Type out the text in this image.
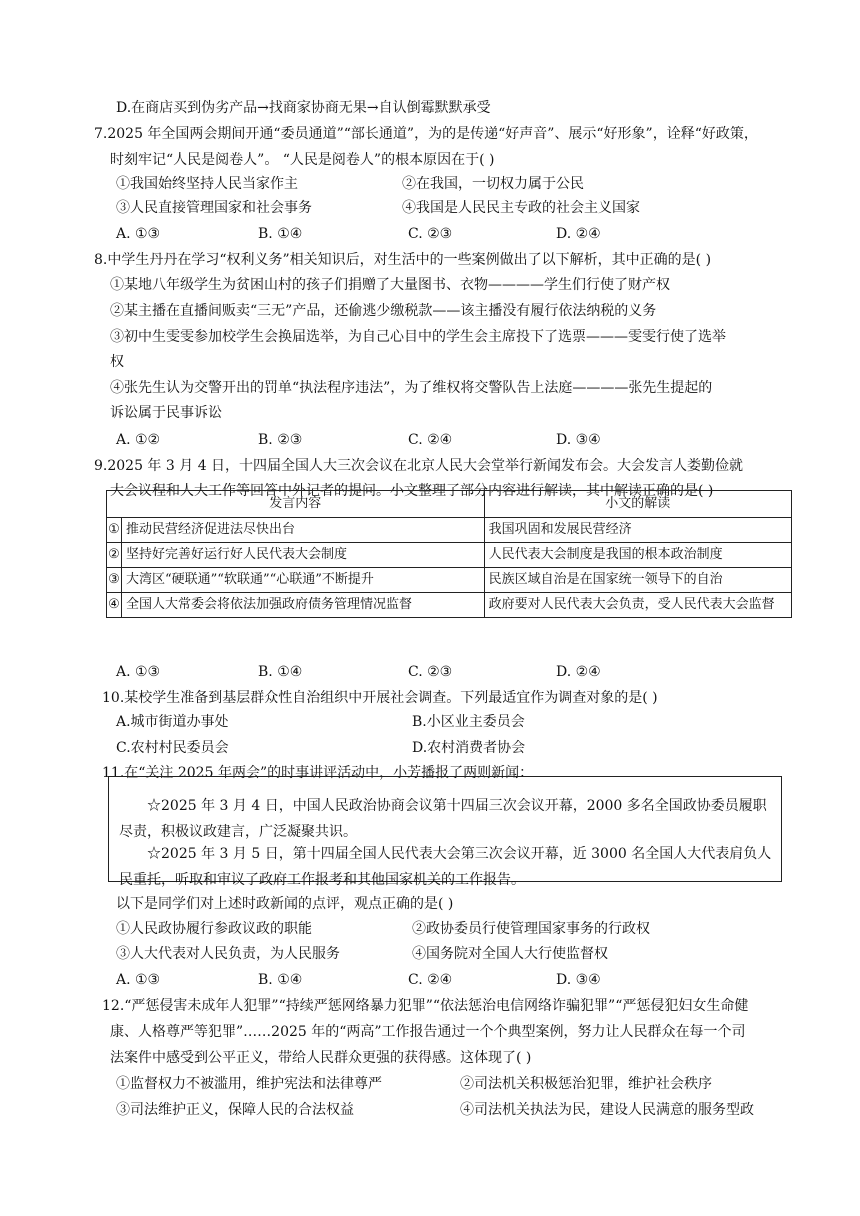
D.在商店买到伪劣产品→找商家协商无果→自认倒霉默默承受
7.2025 年全国两会期间开通“委员通道”“部长通道”，为的是传递“好声音”、展示“好形象”，诠释“好政策，
时刻牢记“人民是阅卷人”。 “人民是阅卷人”的根本原因在于( )
①我国始终坚持人民当家作主	②在我国，一切权力属于公民
③人民直接管理国家和社会事务	④我国是人民民主专政的社会主义国家
A. ①③	B. ①④	C. ②③	D. ②④
8.中学生丹丹在学习“权利义务”相关知识后，对生活中的一些案例做出了以下解析，其中正确的是( )
①某地八年级学生为贫困山村的孩子们捐赠了大量图书、衣物————学生们行使了财产权
②某主播在直播间贩卖“三无”产品，还偷逃少缴税款——该主播没有履行依法纳税的义务
③初中生雯雯参加校学生会换届选举，为自己心目中的学生会主席投下了选票———雯雯行使了选举
权
④张先生认为交警开出的罚单“执法程序违法”，为了维权将交警队告上法庭————张先生提起的
诉讼属于民事诉讼
A. ①②	B. ②③	C. ②④	D. ③④
9.2025 年 3 月 4 日，十四届全国人大三次会议在北京人民大会堂举行新闻发布会。大会发言人娄勤俭就
大会议程和人大工作等回答中外记者的提问。小文整理了部分内容进行解读，其中解读正确的是( )
发言内容		小文的解读
①	推动民营经济促进法尽快出台	我国巩固和发展民营经济
②	坚持好完善好运行好人民代表大会制度	人民代表大会制度是我国的根本政治制度
③	大湾区“硬联通”“软联通”“心联通”不断提升	民族区域自治是在国家统一领导下的自治
④	全国人大常委会将依法加强政府债务管理情况监督	政府要对人民代表大会负责，受人民代表大会监督
A. ①③	B. ①④	C. ②③	D. ②④
10.某校学生准备到基层群众性自治组织中开展社会调查。下列最适宜作为调查对象的是( )
A.城市街道办事处	B.小区业主委员会
C.农村村民委员会	D.农村消费者协会
11.在“关注 2025 年两会”的时事讲评活动中，小芳播报了两则新闻：

☆2025 年 3 月 4 日，中国人民政治协商会议第十四届三次会议开幕，2000 多名全国政协委员履职尽责，积极议政建言，广泛凝聚共识。

☆2025 年 3 月 5 日，第十四届全国人民代表大会第三次会议开幕，近 3000 名全国人大代表肩负人民重托，听取和审议了政府工作报考和其他国家机关的工作报告。

以下是同学们对上述时政新闻的点评，观点正确的是( )
①人民政协履行参政议政的职能	②政协委员行使管理国家事务的行政权
③人大代表对人民负责，为人民服务	④国务院对全国人大行使监督权
A. ①③	B. ①④	C. ②④	D. ③④
12.“严惩侵害未成年人犯罪”“持续严惩网络暴力犯罪”“依法惩治电信网络诈骗犯罪”“严惩侵犯妇女生命健
康、人格尊严等犯罪”……2025 年的“两高”工作报告通过一个个典型案例，努力让人民群众在每一个司
法案件中感受到公平正义，带给人民群众更强的获得感。这体现了( )
①监督权力不被滥用，维护宪法和法律尊严	②司法机关积极惩治犯罪，维护社会秩序
③司法维护正义，保障人民的合法权益	④司法机关执法为民，建设人民满意的服务型政
